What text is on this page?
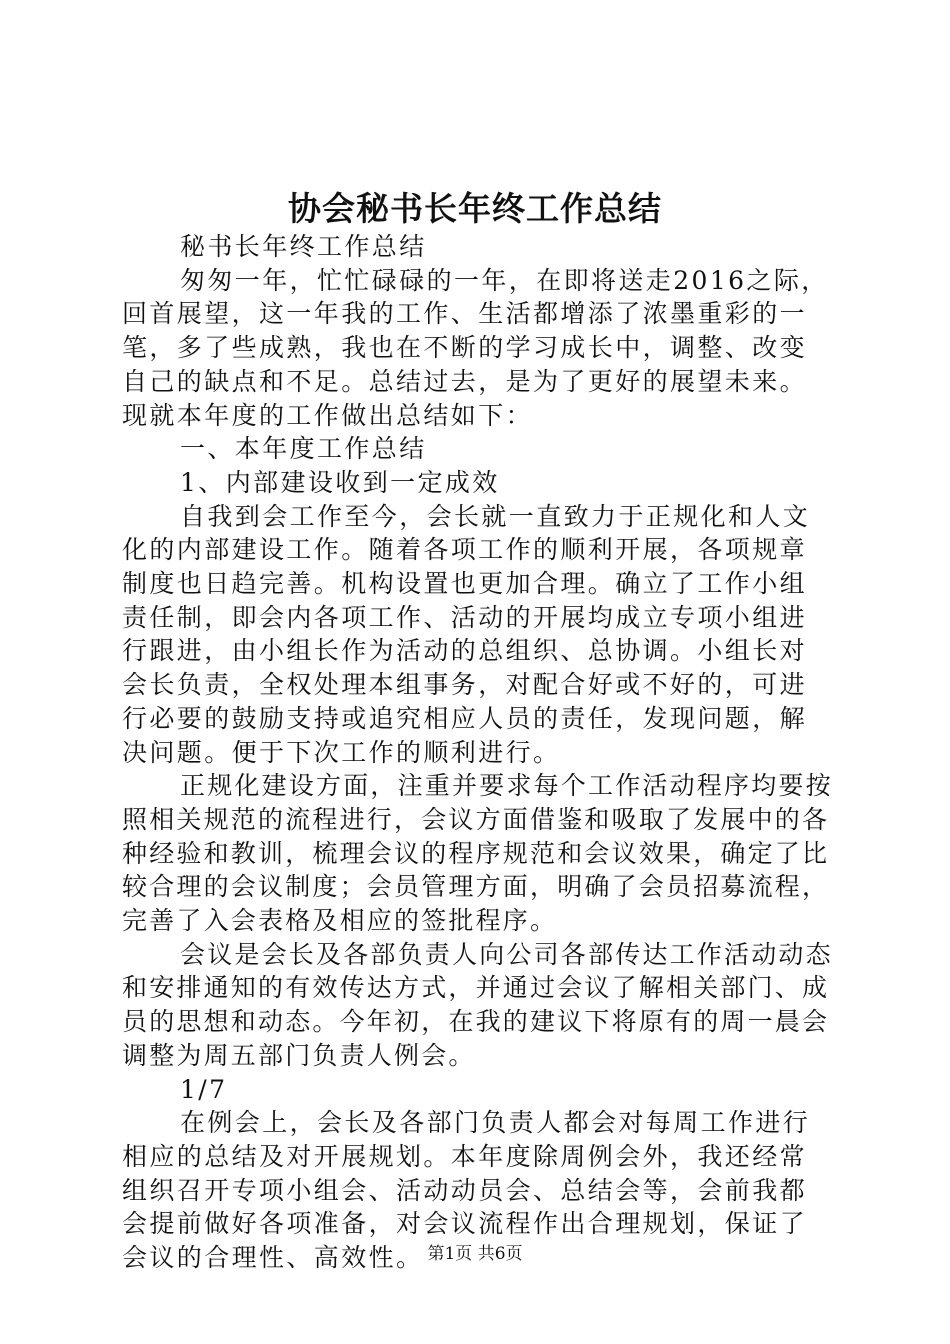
协会秘书长年终工作总结

秘书长年终工作总结

匆匆一年，忙忙碌碌的一年，在即将送走2016之际，回首展望，这一年我的工作、生活都增添了浓墨重彩的一笔，多了些成熟，我也在不断的学习成长中，调整、改变自己的缺点和不足。总结过去，是为了更好的展望未来。现就本年度的工作做出总结如下：

一、本年度工作总结

1、内部建设收到一定成效

自我到会工作至今，会长就一直致力于正规化和人文化的内部建设工作。随着各项工作的顺利开展，各项规章制度也日趋完善。机构设置也更加合理。确立了工作小组责任制，即会内各项工作、活动的开展均成立专项小组进行跟进，由小组长作为活动的总组织、总协调。小组长对会长负责，全权处理本组事务，对配合好或不好的，可进行必要的鼓励支持或追究相应人员的责任，发现问题，解决问题。便于下次工作的顺利进行。

正规化建设方面，注重并要求每个工作活动程序均要按照相关规范的流程进行，会议方面借鉴和吸取了发展中的各种经验和教训，梳理会议的程序规范和会议效果，确定了比较合理的会议制度；会员管理方面，明确了会员招募流程，完善了入会表格及相应的签批程序。

会议是会长及各部负责人向公司各部传达工作活动动态和安排通知的有效传达方式，并通过会议了解相关部门、成员的思想和动态。今年初，在我的建议下将原有的周一晨会调整为周五部门负责人例会。

1/7

在例会上，会长及各部门负责人都会对每周工作进行相应的总结及对开展规划。本年度除周例会外，我还经常组织召开专项小组会、活动动员会、总结会等，会前我都会提前做好各项准备，对会议流程作出合理规划，保证了会议的合理性、高效性。 第1页 共6页
